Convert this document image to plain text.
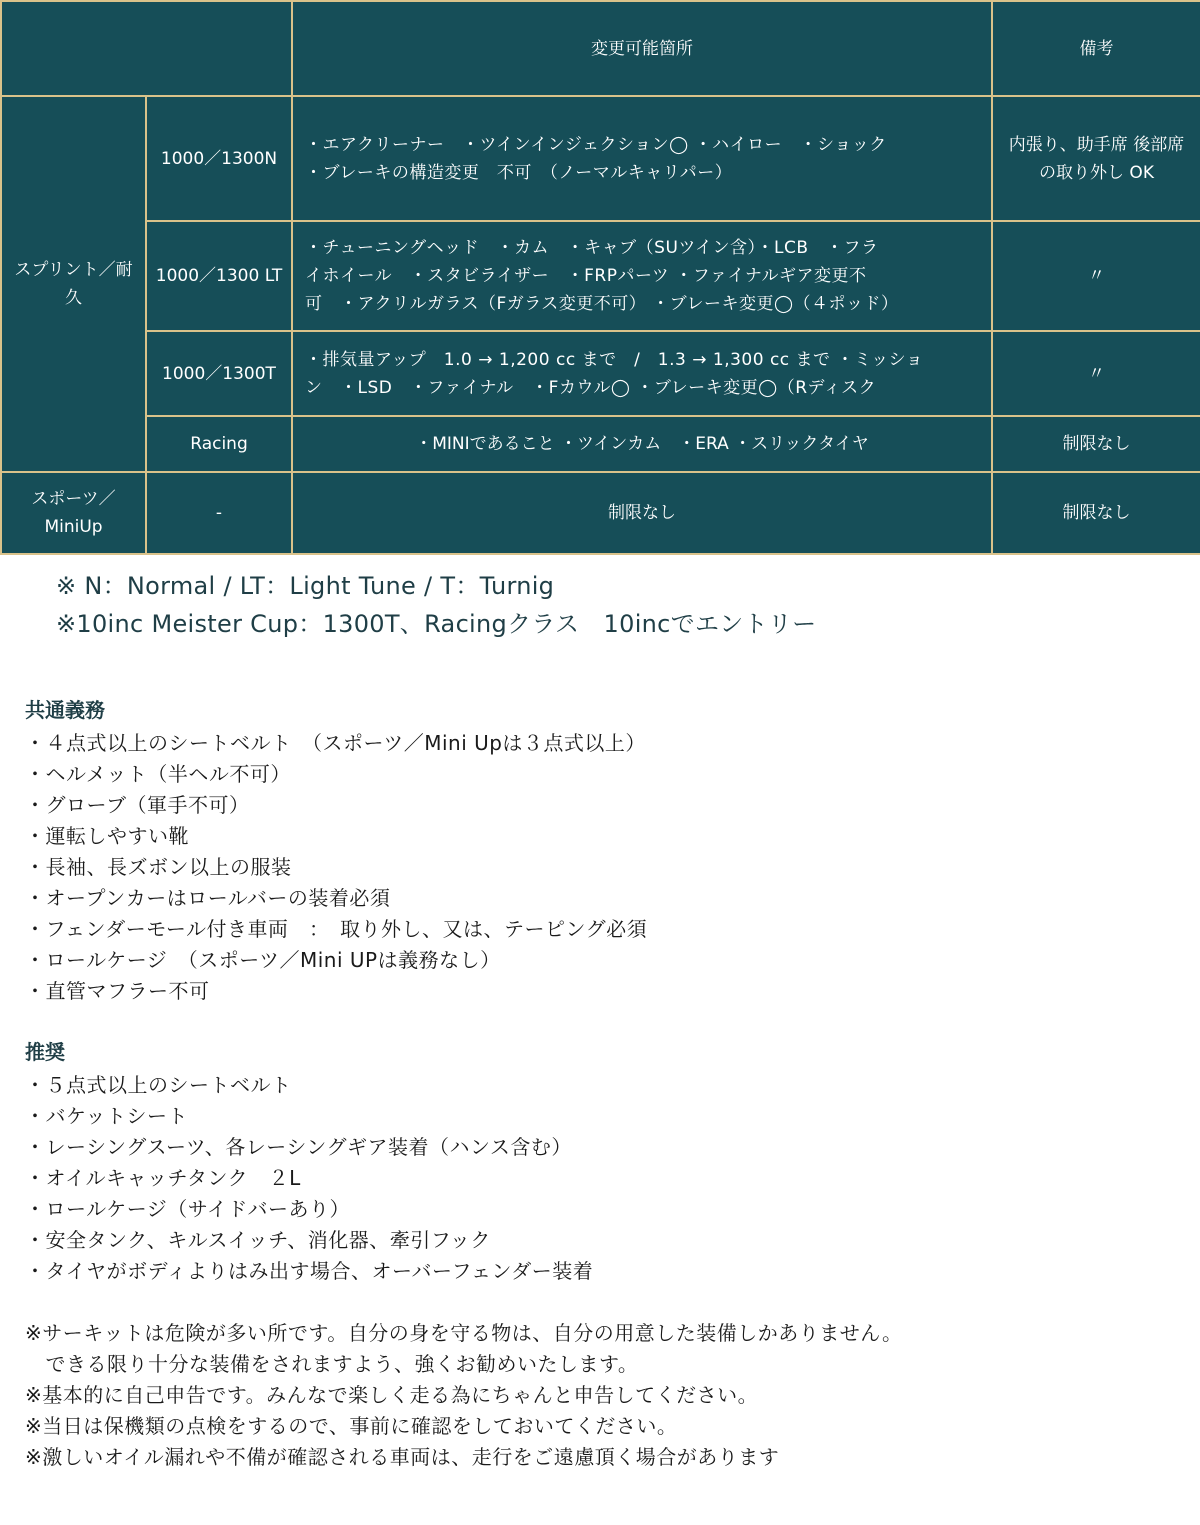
		変更可能箇所	備考
スプリント／耐久	1000／1300N	・エアクリーナー　・ツインインジェクション◯ ・ハイロー　・ショック
・ブレーキの構造変更　不可　（ノーマルキャリパー）	内張り、助手席 後部席の取り外し OK
	1000／1300 LT	・チューニングヘッド　・カム　・キャブ（SUツイン含）・LCB　・フラ
イホイール　・スタビライザー　・FRPパーツ ・ファイナルギア変更不
可　・アクリルガラス（Fガラス変更不可） ・ブレーキ変更◯（４ポッド）	〃
	1000／1300T	・排気量アップ　1.0 → 1,200 cc まで　/　1.3 → 1,300 cc まで ・ミッショ
ン　・LSD　・ファイナル　・Fカウル◯ ・ブレーキ変更◯（Rディスク	〃
	Racing	・MINIであること ・ツインカム　・ERA ・スリックタイヤ	制限なし
スポーツ／MiniUp	-	制限なし	制限なし
※ N：Normal / LT：Light Tune / T：Turnig
※10inc Meister Cup：1300T、Racingクラス　10incでエントリー
共通義務
・４点式以上のシートベルト　（スポーツ／Mini Upは３点式以上）
・ヘルメット（半ヘル不可）
・グローブ（軍手不可）
・運転しやすい靴
・長袖、長ズボン以上の服装
・オープンカーはロールバーの装着必須
・フェンダーモール付き車両　：　取り外し、又は、テーピング必須
・ロールケージ　（スポーツ／Mini UPは義務なし）
・直管マフラー不可
推奨
・５点式以上のシートベルト
・バケットシート
・レーシングスーツ、各レーシングギア装着（ハンス含む）
・オイルキャッチタンク　２L
・ロールケージ（サイドバーあり）
・安全タンク、キルスイッチ、消化器、牽引フック
・タイヤがボディよりはみ出す場合、オーバーフェンダー装着

※サーキットは危険が多い所です。自分の身を守る物は、自分の用意した装備しかありません。

　できる限り十分な装備をされますよう、強くお勧めいたします。

※基本的に自己申告です。みんなで楽しく走る為にちゃんと申告してください。

※当日は保機類の点検をするので、事前に確認をしておいてください。

※激しいオイル漏れや不備が確認される車両は、走行をご遠慮頂く場合があります
